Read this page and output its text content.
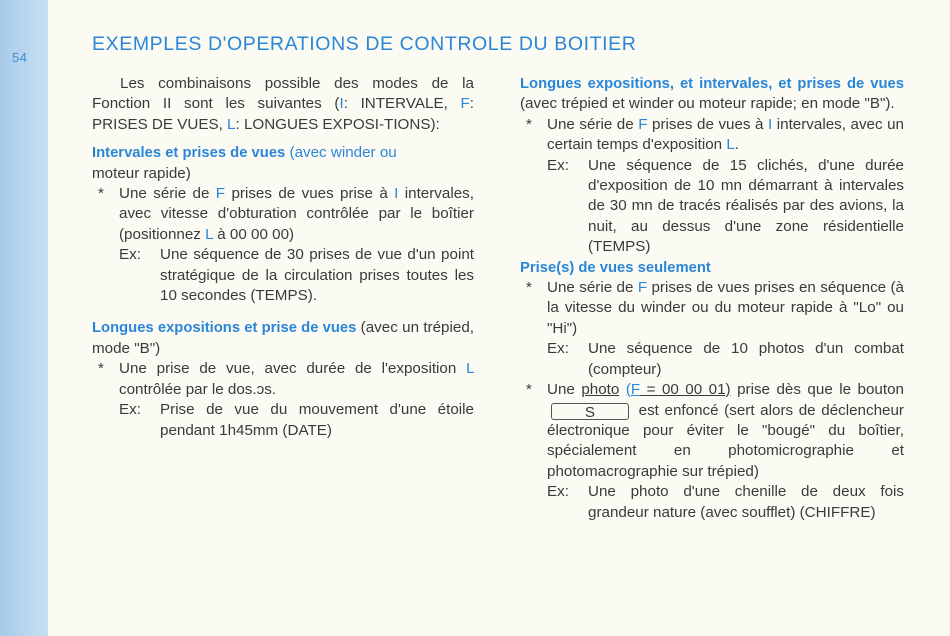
54
EXEMPLES D'OPERATIONS DE CONTROLE DU BOITIER

Les combinaisons possible des modes de la Fonction II sont les suivantes (I: INTERVALE, F: PRISES DE VUES, L: LONGUES EXPOSI-TIONS):

Intervales et prises de vues (avec winder ou
moteur rapide)

* Une série de F prises de vues prise à I intervales, avec vitesse d'obturation contrôlée par le boîtier (positionnez L à 00 00 00)
Ex: Une séquence de 30 prises de vue d'un point stratégique de la circulation prises toutes les 10 secondes (TEMPS).

Longues expositions et prise de vues (avec un trépied, mode "B")

* Une prise de vue, avec durée de l'exposition L contrôlée par le dos.ɔs.
Ex: Prise de vue du mouvement d'une étoile pendant 1h45mm (DATE)

Longues expositions, et intervales, et prises de vues (avec trépied et winder ou moteur rapide; en mode "B").

* Une série de F prises de vues à I intervales, avec un certain temps d'exposition L.
Ex: Une séquence de 15 clichés, d'une durée d'exposition de 10 mn démarrant à intervales de 30 mn de tracés réalisés par des avions, la nuit, au dessus d'une zone résidentielle (TEMPS)

Prise(s) de vues seulement

* Une série de F prises de vues prises en séquence (à la vitesse du winder ou du moteur rapide à "Lo" ou "Hi")
Ex: Une séquence de 10 photos d'un combat (compteur)
* Une photo (F = 00 00 01) prise dès que le bouton S est enfoncé (sert alors de déclencheur électronique pour éviter le "bougé" du boîtier, spécialement en photomicrographie et photomacrographie sur trépied)
Ex: Une photo d'une chenille de deux fois grandeur nature (avec soufflet) (CHIFFRE)
